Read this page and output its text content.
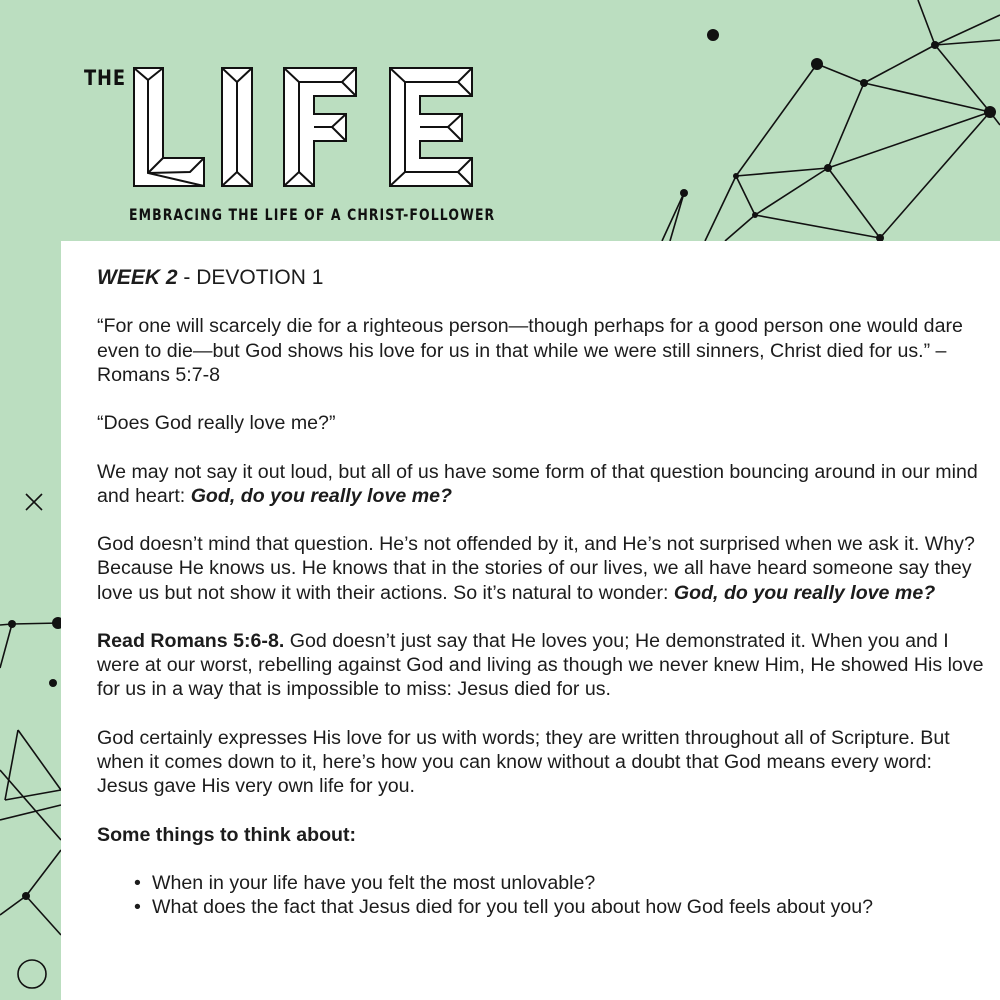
THE
EMBRACING THE LIFE OF A CHRIST-FOLLOWER

WEEK 2 - DEVOTION 1

“For one will scarcely die for a righteous person—though perhaps for a good person one would dare even to die—but God shows his love for us in that while we were still sinners, Christ died for us.” – Romans 5:7-8

“Does God really love me?”

We may not say it out loud, but all of us have some form of that question bouncing around in our mind and heart: God, do you really love me?

God doesn’t mind that question. He’s not offended by it, and He’s not surprised when we ask it. Why? Because He knows us. He knows that in the stories of our lives, we all have heard someone say they love us but not show it with their actions. So it’s natural to wonder: God, do you really love me?

Read Romans 5:6-8. God doesn’t just say that He loves you; He demonstrated it. When you and I were at our worst, rebelling against God and living as though we never knew Him, He showed His love for us in a way that is impossible to miss: Jesus died for us.

God certainly expresses His love for us with words; they are written throughout all of Scripture. But when it comes down to it, here’s how you can know without a doubt that God means every word: Jesus gave His very own life for you.

Some things to think about:

• When in your life have you felt the most unlovable?
• What does the fact that Jesus died for you tell you about how God feels about you?
